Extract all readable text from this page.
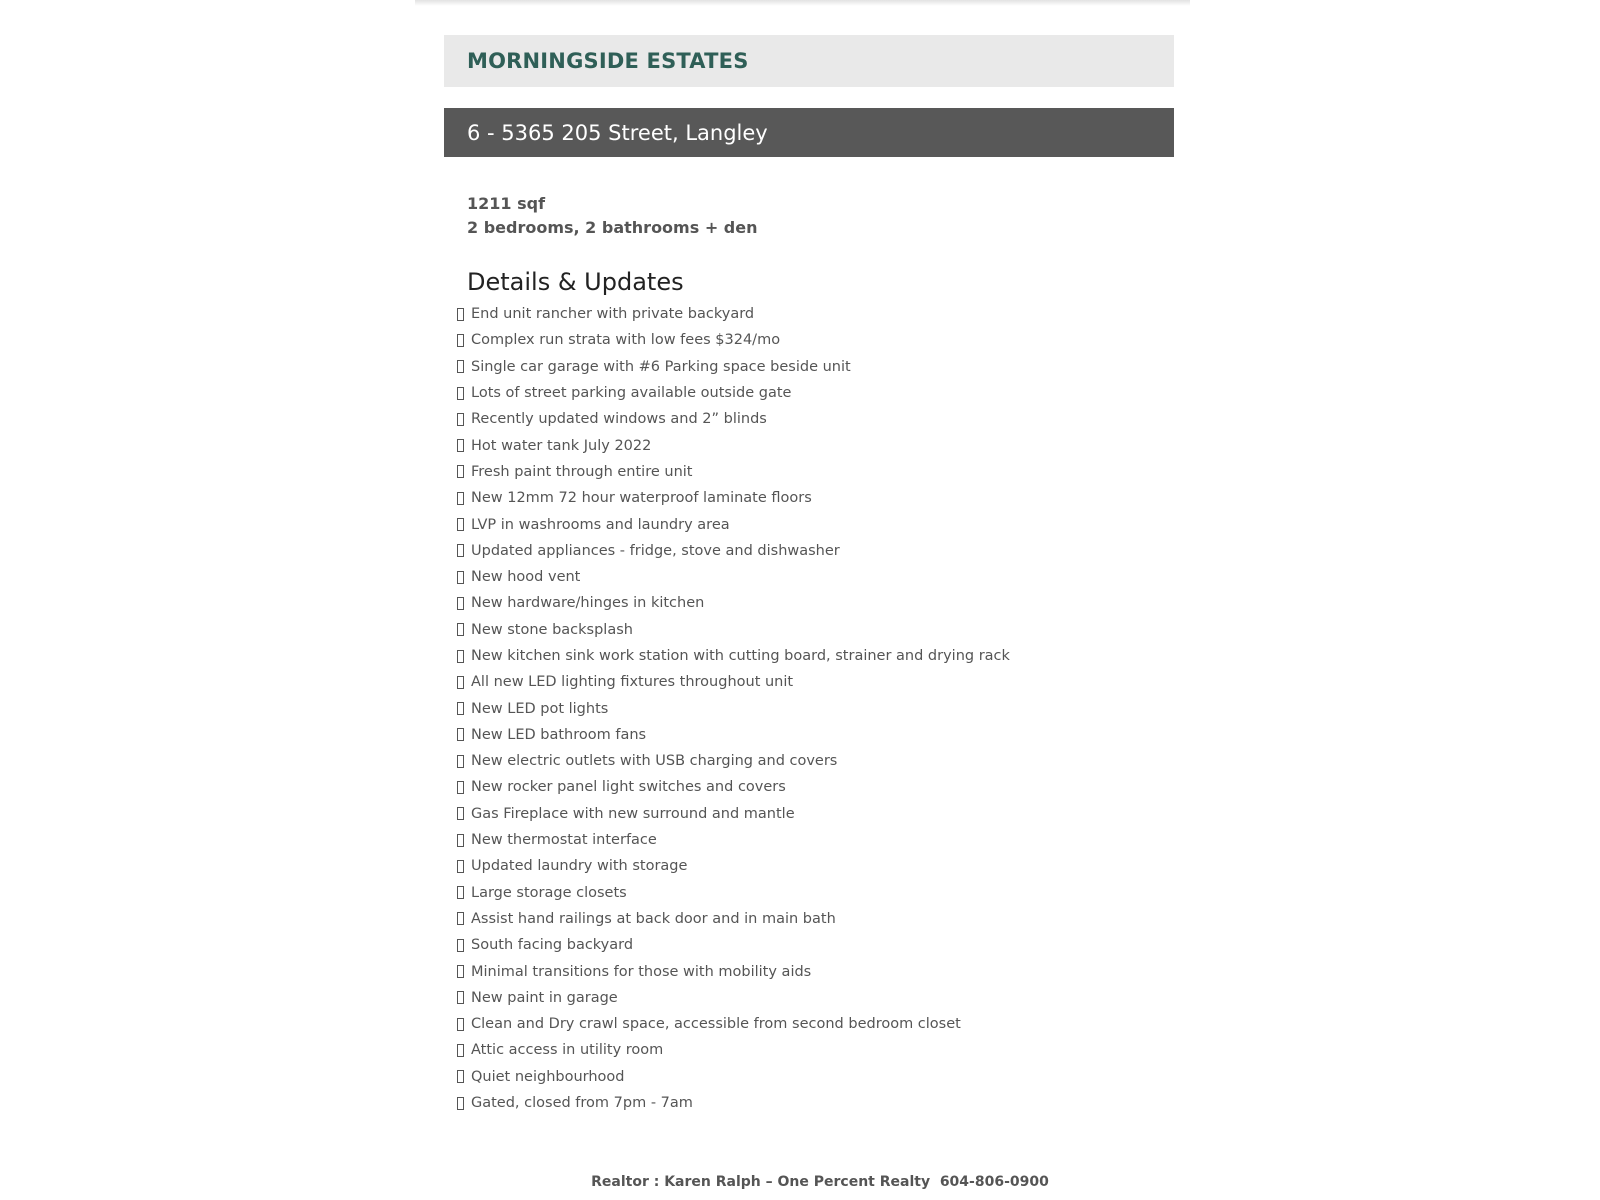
MORNINGSIDE ESTATES
6 - 5365 205 Street, Langley
1211 sqf
2 bedrooms, 2 bathrooms + den
Details & Updates
End unit rancher with private backyard
Complex run strata with low fees $324/mo
Single car garage with #6 Parking space beside unit
Lots of street parking available outside gate
Recently updated windows and 2” blinds
Hot water tank July 2022
Fresh paint through entire unit
New 12mm 72 hour waterproof laminate floors
LVP in washrooms and laundry area
Updated appliances - fridge, stove and dishwasher
New hood vent
New hardware/hinges in kitchen
New stone backsplash
New kitchen sink work station with cutting board, strainer and drying rack
All new LED lighting fixtures throughout unit
New LED pot lights
New LED bathroom fans
New electric outlets with USB charging and covers
New rocker panel light switches and covers
Gas Fireplace with new surround and mantle
New thermostat interface
Updated laundry with storage
Large storage closets
Assist hand railings at back door and in main bath
South facing backyard
Minimal transitions for those with mobility aids
New paint in garage
Clean and Dry crawl space, accessible from second bedroom closet
Attic access in utility room
Quiet neighbourhood
Gated, closed from 7pm - 7am
Realtor : Karen Ralph – One Percent Realty  604-806-0900
